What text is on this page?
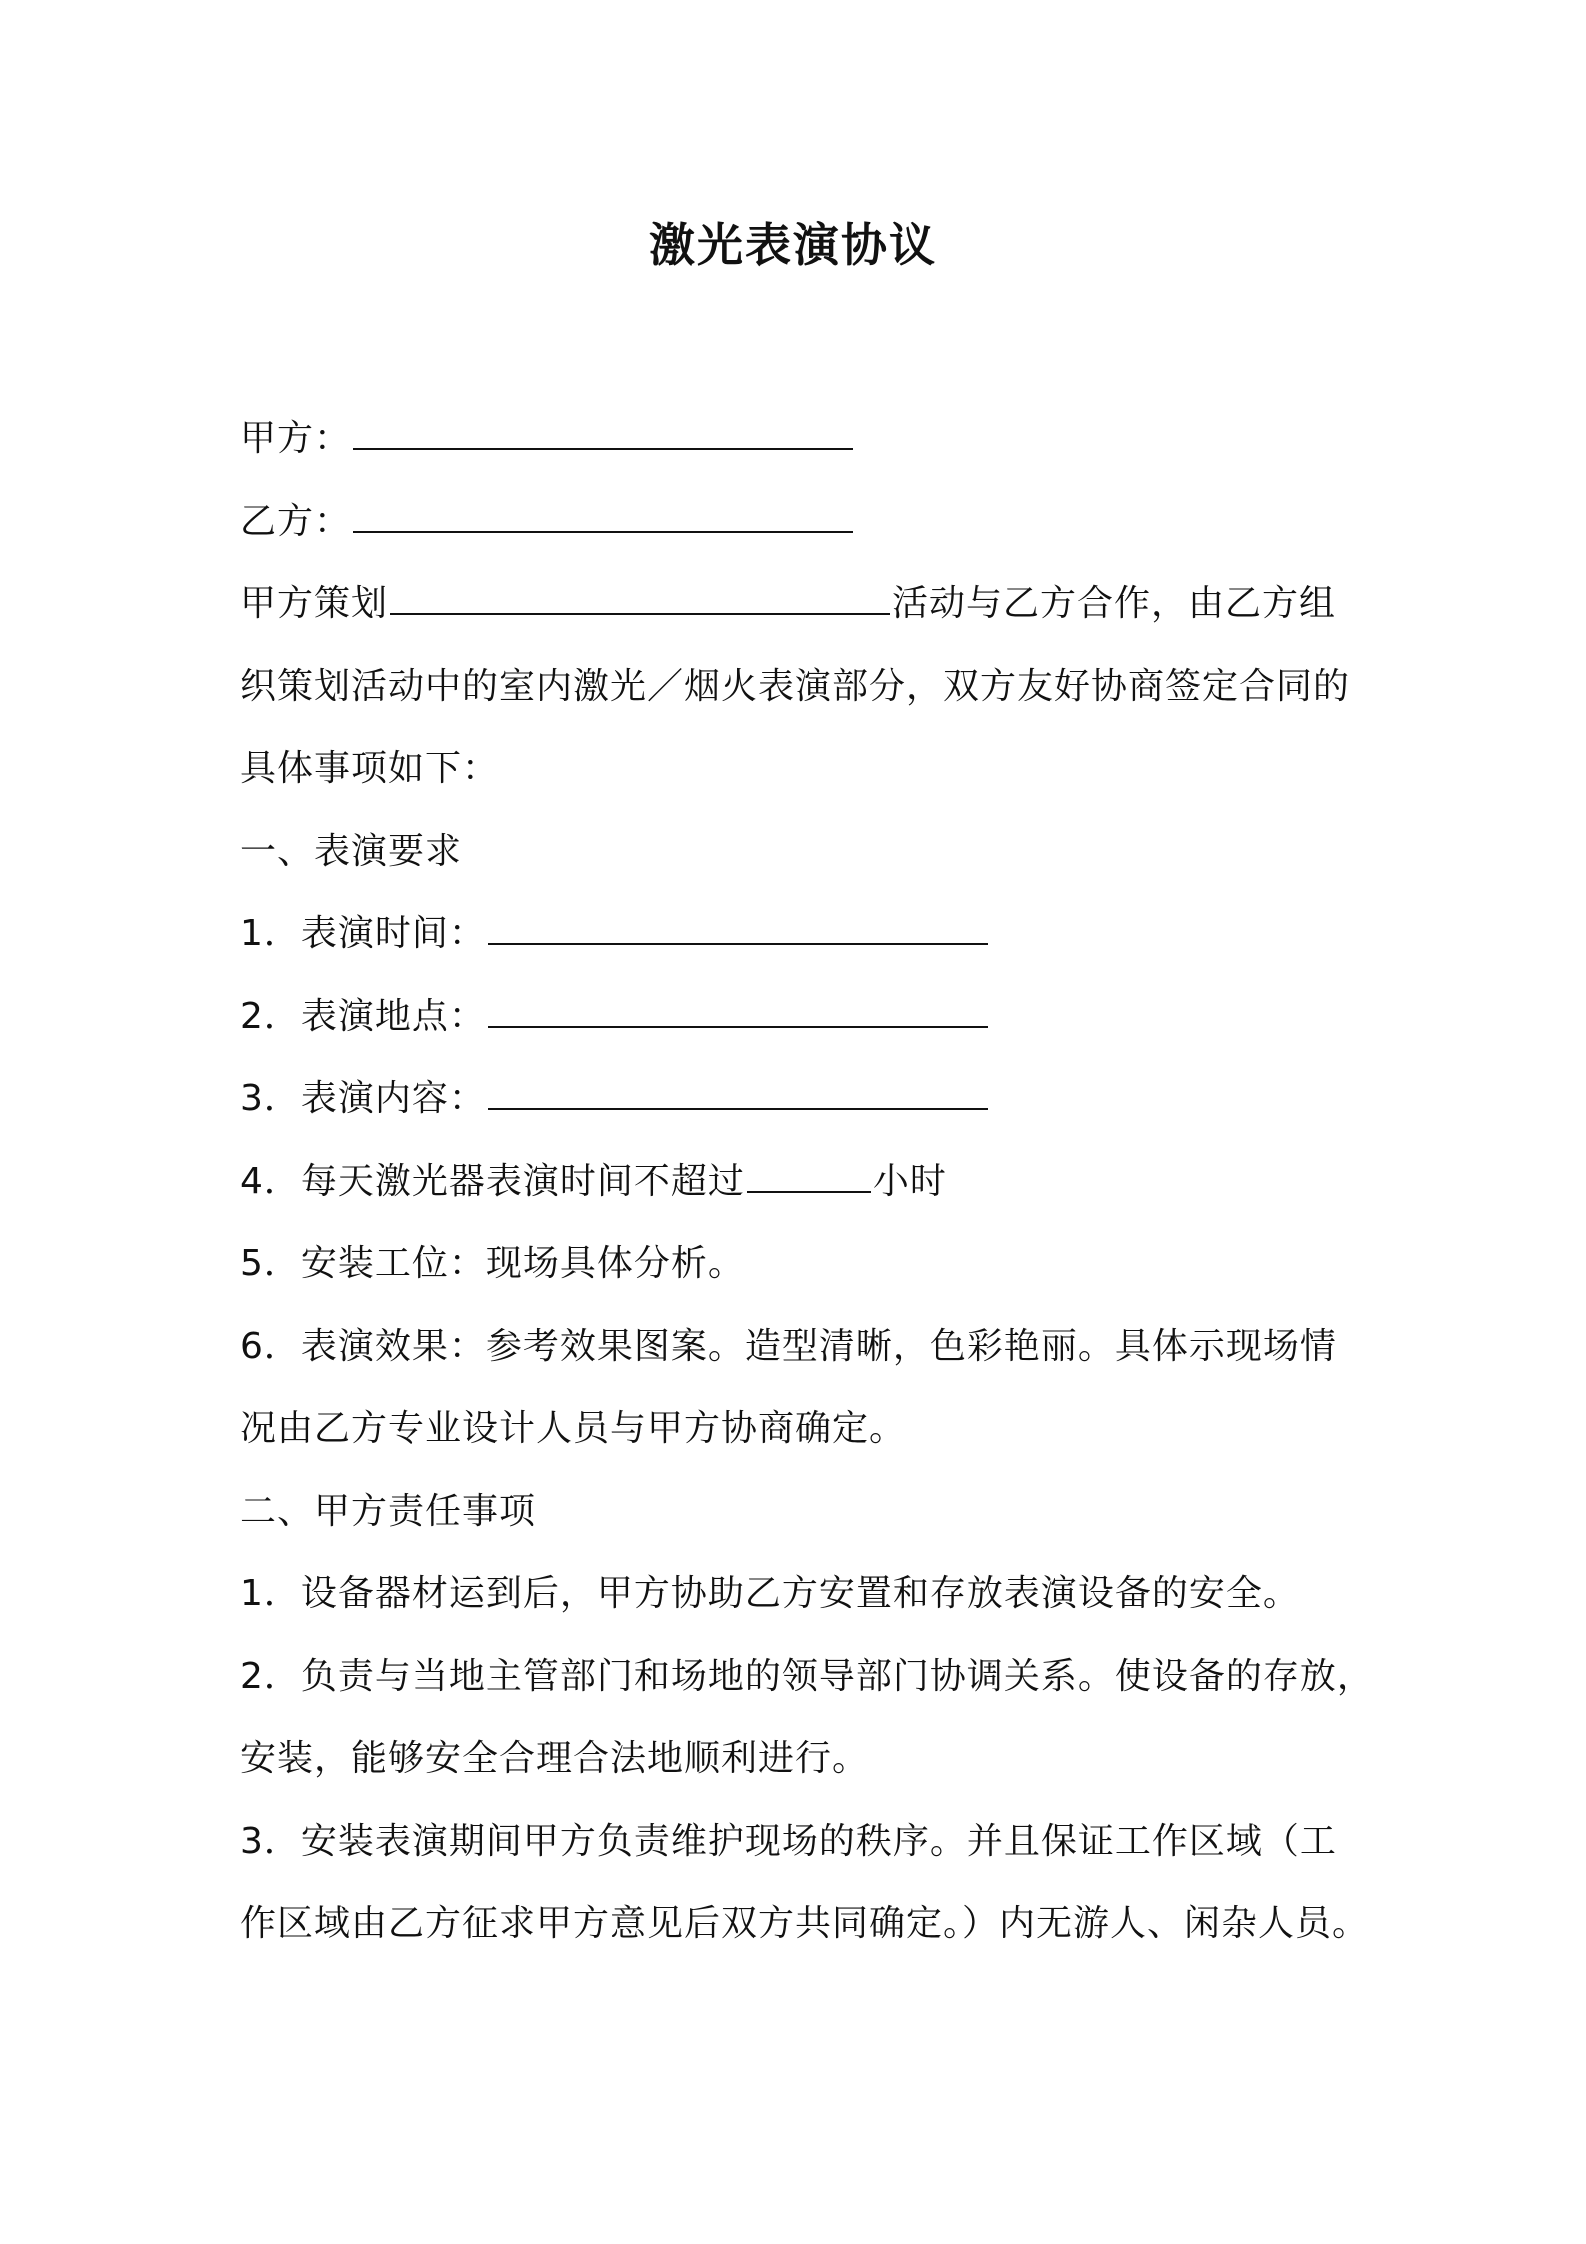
激光表演协议
甲方：
乙方：
甲方策划	活动与乙方合作，由乙方组
织策划活动中的室内激光／烟火表演部分，双方友好协商签定合同的
具体事项如下：
一、表演要求
1．表演时间：
2．表演地点：
3．表演内容：
4．每天激光器表演时间不超过	小时
5．安装工位：现场具体分析。
6．表演效果：参考效果图案。造型清晰，色彩艳丽。具体示现场情
况由乙方专业设计人员与甲方协商确定。
二、甲方责任事项
1．设备器材运到后，甲方协助乙方安置和存放表演设备的安全。
2．负责与当地主管部门和场地的领导部门协调关系。使设备的存放，
安装，能够安全合理合法地顺利进行。
3．安装表演期间甲方负责维护现场的秩序。并且保证工作区域（工
作区域由乙方征求甲方意见后双方共同确定。）内无游人、闲杂人员。
